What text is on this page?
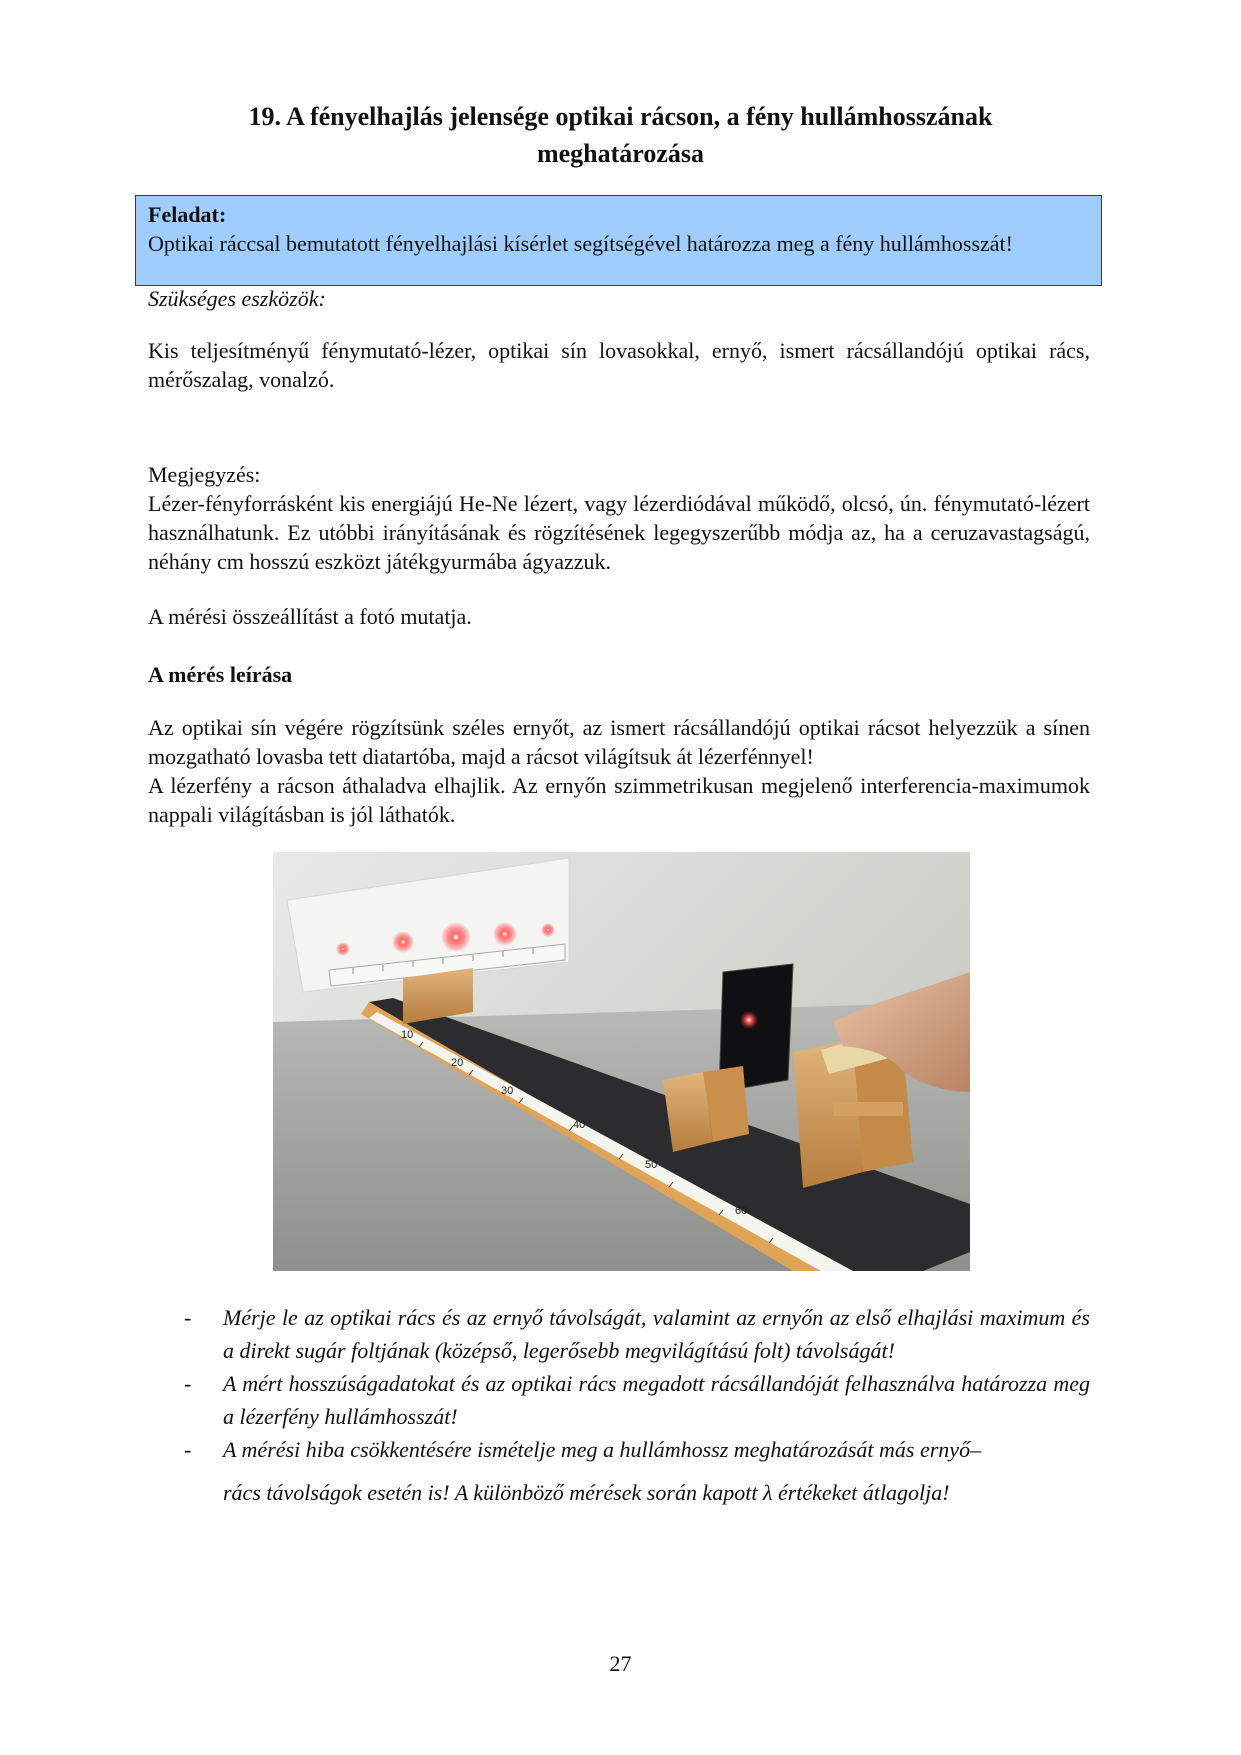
19. A fényelhajlás jelensége optikai rácson, a fény hullámhosszának
meghatározása
Feladat:
Optikai ráccsal bemutatott fényelhajlási kísérlet segítségével határozza meg a fény hullámhosszát!

Szükséges eszközök:

Kis teljesítményű fénymutató-lézer, optikai sín lovasokkal, ernyő, ismert rácsállandójú optikai rács, mérőszalag, vonalzó.

Megjegyzés:

Lézer-fényforrásként kis energiájú He-Ne lézert, vagy lézerdiódával működő, olcsó, ún. fénymutató-lézert használhatunk. Ez utóbbi irányításának és rögzítésének legegyszerűbb módja az, ha a ceruzavastagságú, néhány cm hosszú eszközt játékgyurmába ágyazzuk.

A mérési összeállítást a fotó mutatja.

A mérés leírása

Az optikai sín végére rögzítsünk széles ernyőt, az ismert rácsállandójú optikai rácsot helyezzük a sínen mozgatható lovasba tett diatartóba, majd a rácsot világítsuk át lézerfénnyel!

A lézerfény a rácson áthaladva elhajlik. Az ernyőn szimmetrikusan megjelenő interferencia-maximumok nappali világításban is jól láthatók.

10
20
30
40
50
60
- Mérje le az optikai rács és az ernyő távolságát, valamint az ernyőn az első elhajlási maximum és a direkt sugár foltjának (középső, legerősebb megvilágítású folt) távolságát!
- A mért hosszúságadatokat és az optikai rács megadott rácsállandóját felhasználva határozza meg a lézerfény hullámhosszát!
- A mérési hiba csökkentésére ismételje meg a hullámhossz meghatározását más ernyő–
rács távolságok esetén is! A különböző mérések során kapott λ értékeket átlagolja!
27
